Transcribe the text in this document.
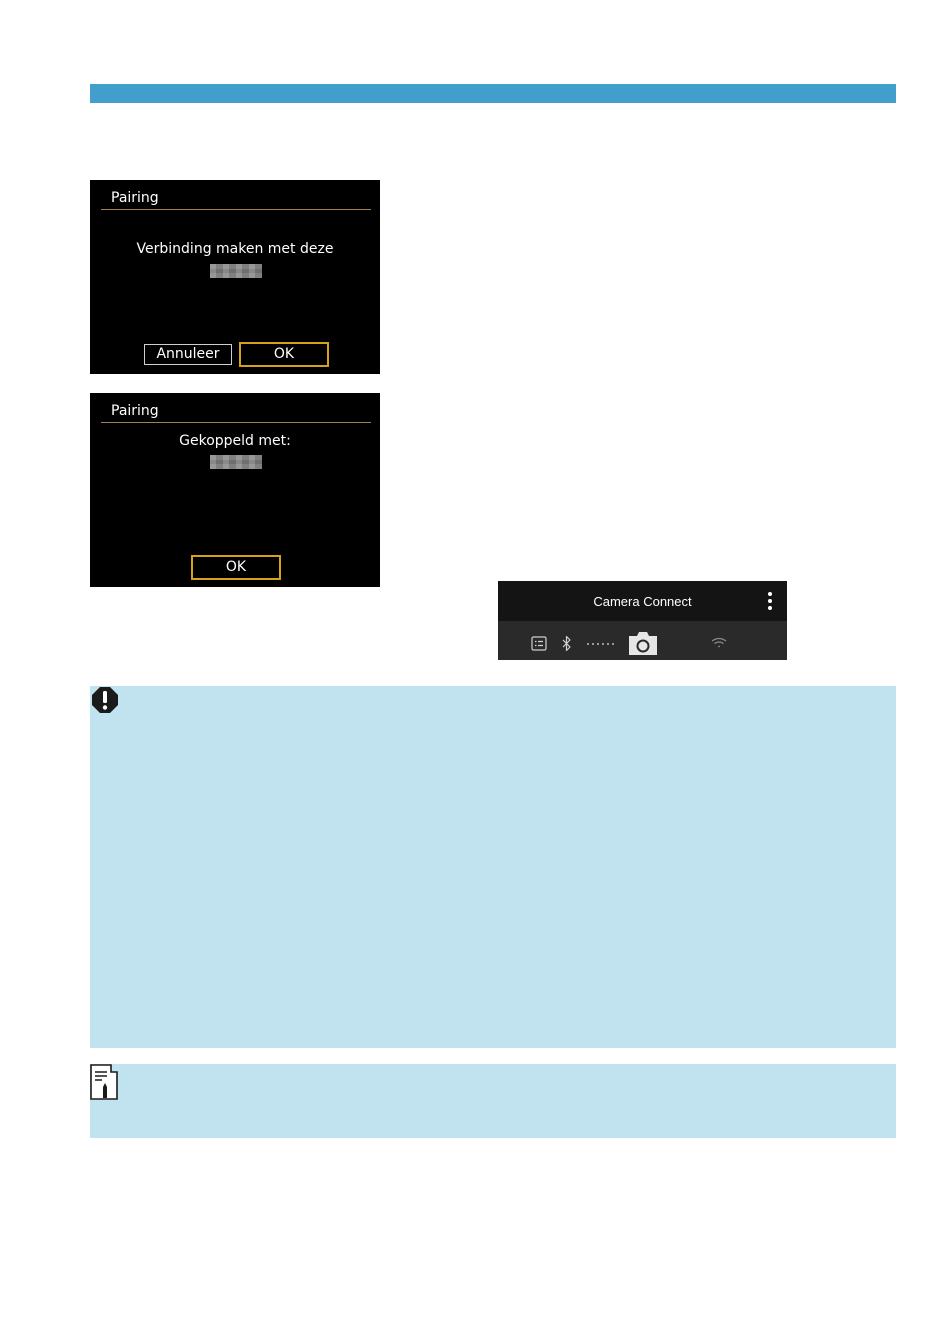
Pairing
Verbinding maken met deze
Annuleer	OK
Pairing
Gekoppeld met:
OK
Camera Connect
